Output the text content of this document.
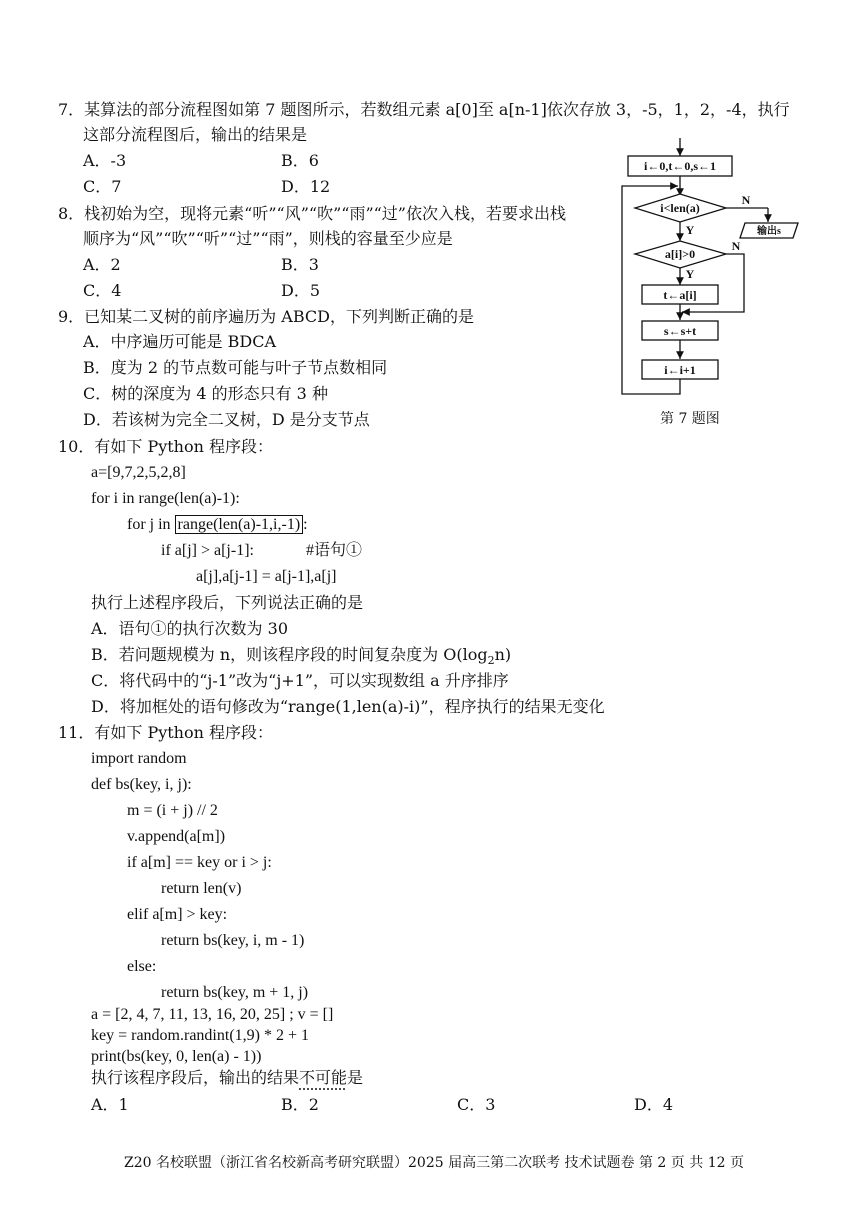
7．某算法的部分流程图如第 7 题图所示，若数组元素 a[0]至 a[n-1]依次存放 3，-5，1，2，-4，执行
这部分流程图后，输出的结果是
A．-3	B．6
C．7	D．12
8．栈初始为空，现将元素“听”“风”“吹”“雨”“过”依次入栈，若要求出栈
顺序为“风”“吹”“听”“过”“雨”，则栈的容量至少应是
A．2	B．3
C．4	D．5
9．已知某二叉树的前序遍历为 ABCD，下列判断正确的是
A．中序遍历可能是 BDCA
B．度为 2 的节点数可能与叶子节点数相同
C．树的深度为 4 的形态只有 3 种
D．若该树为完全二叉树，D 是分支节点
i←0,t←0,s←1
i<len(a)
a[i]>0
t←a[i]
s←s+t
i←i+1
输出s
N
Y
N
Y
第 7 题图
10．有如下 Python 程序段：
a=[9,7,2,5,2,8]
for i in range(len(a)-1):
for j in range(len(a)-1,i,-1) :
if a[j] > a[j-1]:	#语句①
a[j],a[j-1] = a[j-1],a[j]
执行上述程序段后，下列说法正确的是
A．语句①的执行次数为 30
B．若问题规模为 n，则该程序段的时间复杂度为 $O(\log_2n)$
C．将代码中的“j-1”改为“j+1”，可以实现数组 a 升序排序
D．将加框处的语句修改为“range(1,len(a)-i)”，程序执行的结果无变化
11．有如下 Python 程序段：
import random
def bs(key, i, j):
m = (i + j) // 2
v.append(a[m])
if a[m] == key or i > j:
return len(v)
elif a[m] > key:
return bs(key, i, m - 1)
else:
return bs(key, m + 1, j)
a = [2, 4, 7, 11, 13, 16, 20, 25] ; v = []
key = random.randint(1,9) * 2 + 1
print(bs(key, 0, len(a) - 1))
执行该程序段后，输出的结果不可能是
A．1	B．2	C．3	D．4
Z20 名校联盟（浙江省名校新高考研究联盟）2025 届高三第二次联考 技术试题卷 第 2 页 共 12 页
